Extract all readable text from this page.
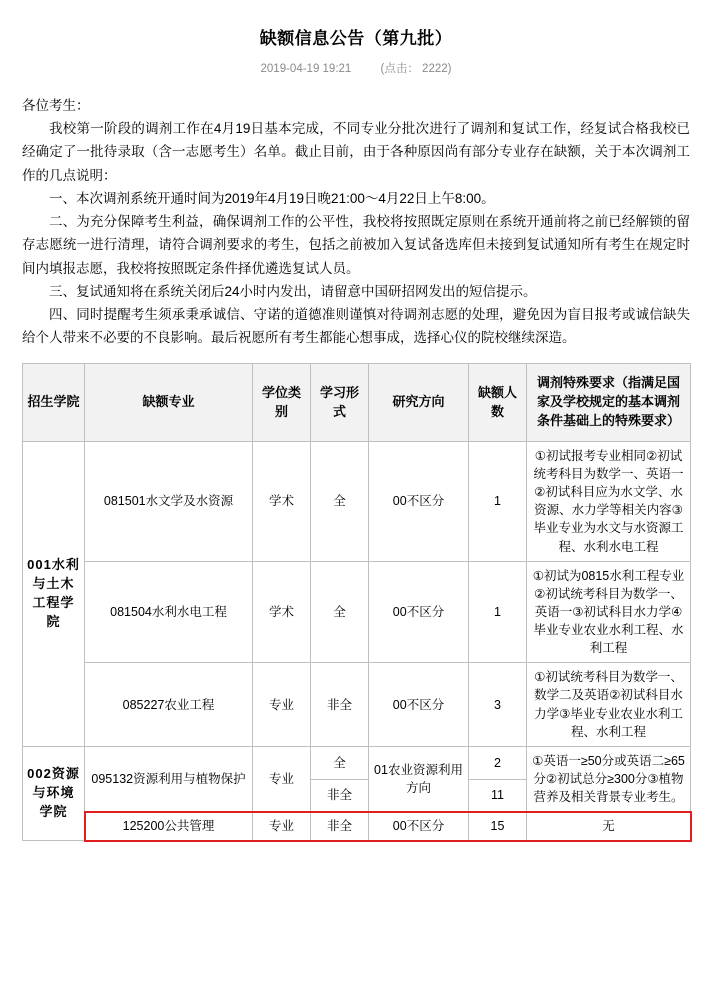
缺额信息公告（第九批）
2019-04-19 19:21	(点击： 2222)

各位考生：

我校第一阶段的调剂工作在4月19日基本完成，不同专业分批次进行了调剂和复试工作，经复试合格我校已经确定了一批待录取（含一志愿考生）名单。截止目前，由于各种原因尚有部分专业存在缺额，关于本次调剂工作的几点说明：

一、本次调剂系统开通时间为2019年4月19日晚21:00～4月22日上午8:00。

二、为充分保障考生利益，确保调剂工作的公平性，我校将按照既定原则在系统开通前将之前已经解锁的留存志愿统一进行清理，请符合调剂要求的考生，包括之前被加入复试备选库但未接到复试通知所有考生在规定时间内填报志愿，我校将按照既定条件择优遴选复试人员。

三、复试通知将在系统关闭后24小时内发出，请留意中国研招网发出的短信提示。

四、同时提醒考生须承秉承诚信、守诺的道德准则谨慎对待调剂志愿的处理，避免因为盲目报考或诚信缺失给个人带来不必要的不良影响。最后祝愿所有考生都能心想事成，选择心仪的院校继续深造。

招生学院	缺额专业	学位类别	学习形式	研究方向	缺额人数	调剂特殊要求（指满足国家及学校规定的基本调剂条件基础上的特殊要求）
001水利与土木工程学院	081501水文学及水资源	学术	全	00不区分	1	①初试报考专业相同②初试统考科目为数学一、英语一②初试科目应为水文学、水资源、水力学等相关内容③毕业专业为水文与水资源工程、水利水电工程
	081504水利水电工程	学术	全	00不区分	1	①初试为0815水利工程专业②初试统考科目为数学一、英语一③初试科目水力学④毕业专业农业水利工程、水利工程
	085227农业工程	专业	非全	00不区分	3	①初试统考科目为数学一、数学二及英语②初试科目水力学③毕业专业农业水利工程、水利工程
002资源与环境学院	095132资源利用与植物保护	专业	全	01农业资源利用方向	2	①英语一≥50分或英语二≥65分②初试总分≥300分③植物营养及相关背景专业考生。
			非全		11	
	125200公共管理	专业	非全	00不区分	15	无
